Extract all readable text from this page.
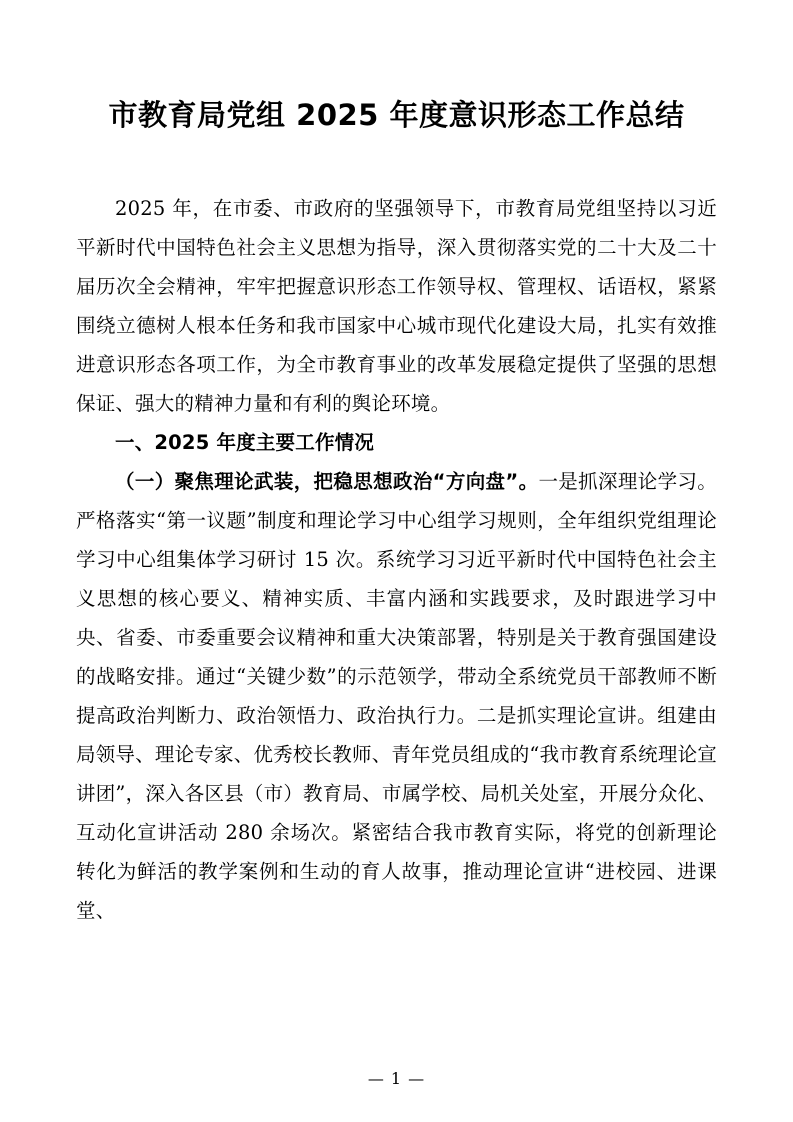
市教育局党组 2025 年度意识形态工作总结

2025 年，在市委、市政府的坚强领导下，市教育局党组坚持以习近平新时代中国特色社会主义思想为指导，深入贯彻落实党的二十大及二十届历次全会精神，牢牢把握意识形态工作领导权、管理权、话语权，紧紧围绕立德树人根本任务和我市国家中心城市现代化建设大局，扎实有效推进意识形态各项工作，为全市教育事业的改革发展稳定提供了坚强的思想保证、强大的精神力量和有利的舆论环境。

一、2025 年度主要工作情况

（一）聚焦理论武装，把稳思想政治“方向盘”。一是抓深理论学习。严格落实“第一议题”制度和理论学习中心组学习规则，全年组织党组理论学习中心组集体学习研讨 15 次。系统学习习近平新时代中国特色社会主义思想的核心要义、精神实质、丰富内涵和实践要求，及时跟进学习中央、省委、市委重要会议精神和重大决策部署，特别是关于教育强国建设的战略安排。通过“关键少数”的示范领学，带动全系统党员干部教师不断提高政治判断力、政治领悟力、政治执行力。二是抓实理论宣讲。组建由局领导、理论专家、优秀校长教师、青年党员组成的“我市教育系统理论宣讲团”，深入各区县（市）教育局、市属学校、局机关处室，开展分众化、互动化宣讲活动 280 余场次。紧密结合我市教育实际，将党的创新理论转化为鲜活的教学案例和生动的育人故事，推动理论宣讲“进校园、进课堂、

— 1 —
